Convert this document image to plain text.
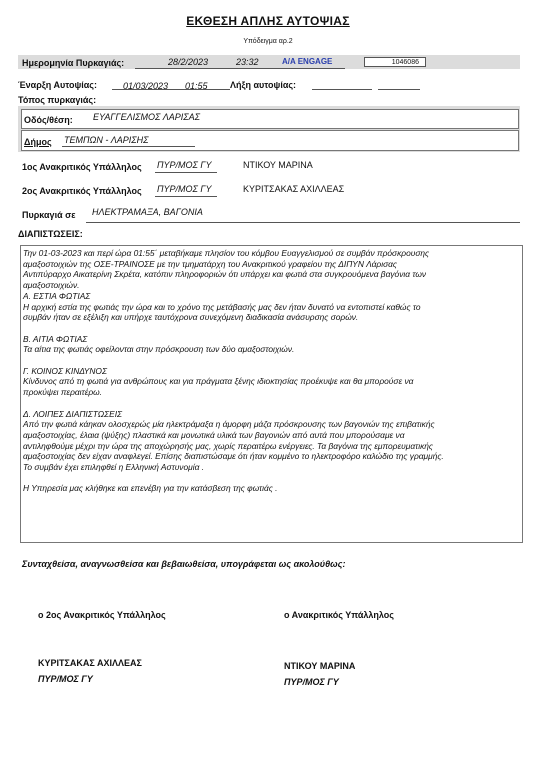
ΕΚΘΕΣΗ ΑΠΛΗΣ ΑΥΤΟΨΙΑΣ
Υπόδειγμα αρ.2
Ημερομηνία Πυρκαγιάς:	28/2/2023	23:32	A/A ENGAGE	1046086
Έναρξη Αυτοψίας:	01/03/2023 01:55 Λήξη αυτοψίας:
Τόπος πυρκαγιάς:
Οδός/θέση: ΕΥΑΓΓΕΛΙΣΜΟΣ ΛΑΡΙΣΑΣ
Δήμος ΤΕΜΠΩΝ - ΛΑΡΙΣΗΣ
1ος Ανακριτικός Υπάλληλος ΠΥΡ/ΜΟΣ ΓΥ	ΝΤΙΚΟΥ ΜΑΡΙΝΑ
2ος Ανακριτικός Υπάλληλος ΠΥΡ/ΜΟΣ ΓΥ	ΚΥΡΙΤΣΑΚΑΣ ΑΧΙΛΛΕΑΣ
Πυρκαγιά σε ΗΛΕΚΤΡΑΜΑΞΑ, ΒΑΓΟΝΙΑ
ΔΙΑΠΙΣΤΩΣΕΙΣ:
Την 01-03-2023 και περί ώρα 01:55΄ μεταβήκαμε πλησίον του κόμβου Ευαγγελισμού σε συμβάν πρόσκρουσης
αμαξοστοιχιών της ΟΣΕ-ΤΡΑΙΝΟΣΕ με την τμηματάρχη του Ανακριτικού γραφείου της ΔΙΠΥΝ Λάρισας
Αντιπύραρχο Αικατερίνη Σκρέτα, κατόπιν πληροφοριών ότι υπάρχει και φωτιά στα συγκρουόμενα βαγόνια των
αμαξοστοιχιών.
Α. ΕΣΤΙΑ ΦΩΤΙΑΣ
Η αρχική εστία της φωτιάς την ώρα και το χρόνο της μετάβασής μας δεν ήταν δυνατό να εντοπιστεί καθώς το
συμβάν ήταν σε εξέλιξη και υπήρχε ταυτόχρονα συνεχόμενη διαδικασία ανάσυρσης σορών.
Β. ΑΙΤΙΑ ΦΩΤΙΑΣ
Τα αίτια της φωτιάς οφείλονται στην πρόσκρουση των δύο αμαξοστοιχιών.
Γ. ΚΟΙΝΟΣ ΚΙΝΔΥΝΟΣ
Κίνδυνος από τη φωτιά για ανθρώπους και για πράγματα ξένης ιδιοκτησίας προέκυψε και θα μπορούσε να
προκύψει περαιτέρω.
Δ. ΛΟΙΠΕΣ ΔΙΑΠΙΣΤΩΣΕΙΣ
Από την φωτιά κάηκαν ολοσχερώς μία ηλεκτράμαξα η άμορφη μάζα πρόσκρουσης των βαγονιών της επιβατικής
αμαξοστοιχίας, έλαια (ψύξης) πλαστικά και μονωτικά υλικά των βαγονιών από αυτά που μπορούσαμε να
αντιληφθούμε μέχρι την ώρα της αποχώρησής μας, χωρίς περαιτέρω ενέργειες. Τα βαγόνια της εμπορευματικής
αμαξοστοιχίας δεν είχαν αναφλεγεί. Επίσης διαπιστώσαμε ότι ήταν κομμένο το ηλεκτροφόρο καλώδιο της γραμμής.
Το συμβάν έχει επιληφθεί η Ελληνική Αστυνομία .
Η Υπηρεσία μας κλήθηκε και επενέβη για την κατάσβεση της φωτιάς .
Συνταχθείσα, αναγνωσθείσα και βεβαιωθείσα, υπογράφεται ως ακολούθως:
ο 2ος Ανακριτικός Υπάλληλος
ΚΥΡΙΤΣΑΚΑΣ ΑΧΙΛΛΕΑΣ
ΠΥΡ/ΜΟΣ ΓΥ
ο Ανακριτικός Υπάλληλος
ΝΤΙΚΟΥ ΜΑΡΙΝΑ
ΠΥΡ/ΜΟΣ ΓΥ
